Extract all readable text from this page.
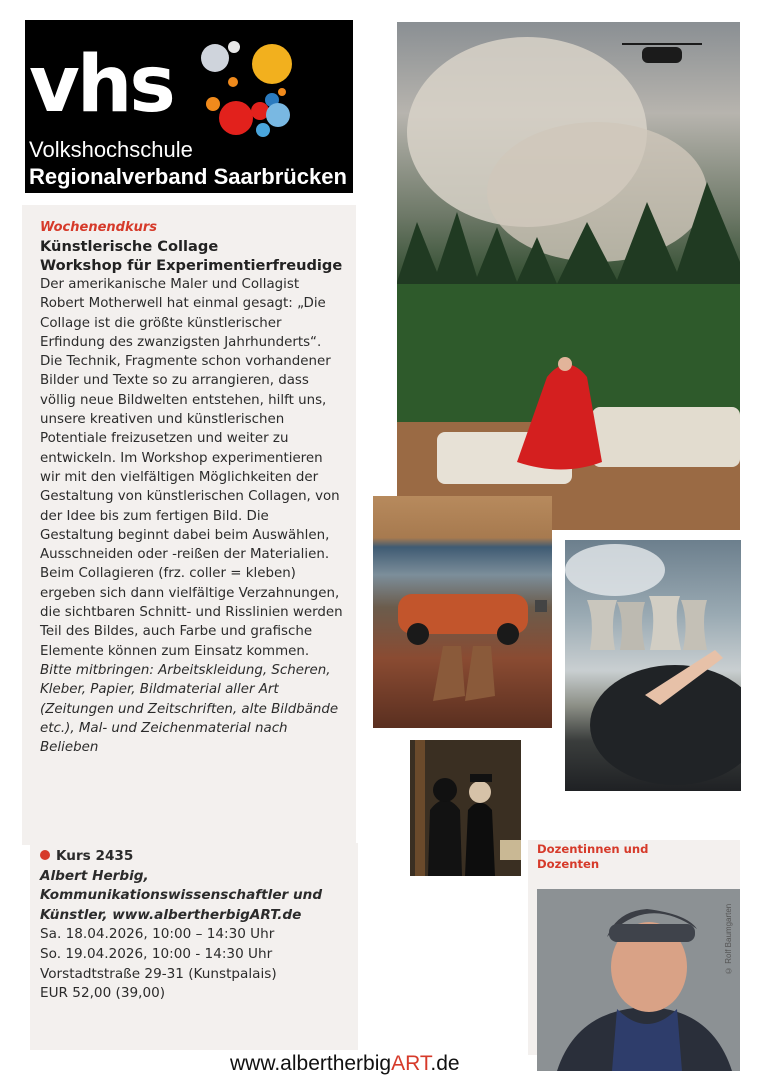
vhs
Volkshochschule
Regionalverband Saarbrücken

Wochenendkurs

Künstlerische Collage

Workshop für Experimentierfreudige

Der amerikanische Maler und Collagist Robert Motherwell hat einmal gesagt: „Die Collage ist die größte künstlerischer Erfindung des zwanzigsten Jahrhunderts“. Die Technik, Fragmente schon vorhandener Bilder und Texte so zu arrangieren, dass völlig neue Bildwelten entstehen, hilft uns, unsere kreativen und künstlerischen Potentiale freizusetzen und weiter zu entwickeln. Im Workshop experimentieren wir mit den vielfältigen Möglichkeiten der Gestaltung von künstlerischen Collagen, von der Idee bis zum fertigen Bild. Die Gestaltung beginnt dabei beim Auswählen, Ausschneiden oder -reißen der Materialien. Beim Collagieren (frz. coller = kleben) ergeben sich dann vielfältige Verzahnungen, die sichtbaren Schnitt- und Risslinien werden Teil des Bildes, auch Farbe und grafische Elemente können zum Einsatz kommen.

Bitte mitbringen: Arbeitskleidung, Scheren, Kleber, Papier, Bildmaterial aller Art (Zeitungen und Zeitschriften, alte Bildbände etc.), Mal- und Zeichenmaterial nach Belieben

Kurs 2435

Albert Herbig, Kommunikationswissenschaftler und Künstler, www.albertherbigART.de

Sa. 18.04.2026, 10:00 – 14:30 Uhr

So. 19.04.2026, 10:00 - 14:30 Uhr

Vorstadtstraße 29-31 (Kunstpalais)

EUR 52,00 (39,00)

Dozentinnen und Dozenten
© Rolf Baumgarten
www.albertherbigART.de
